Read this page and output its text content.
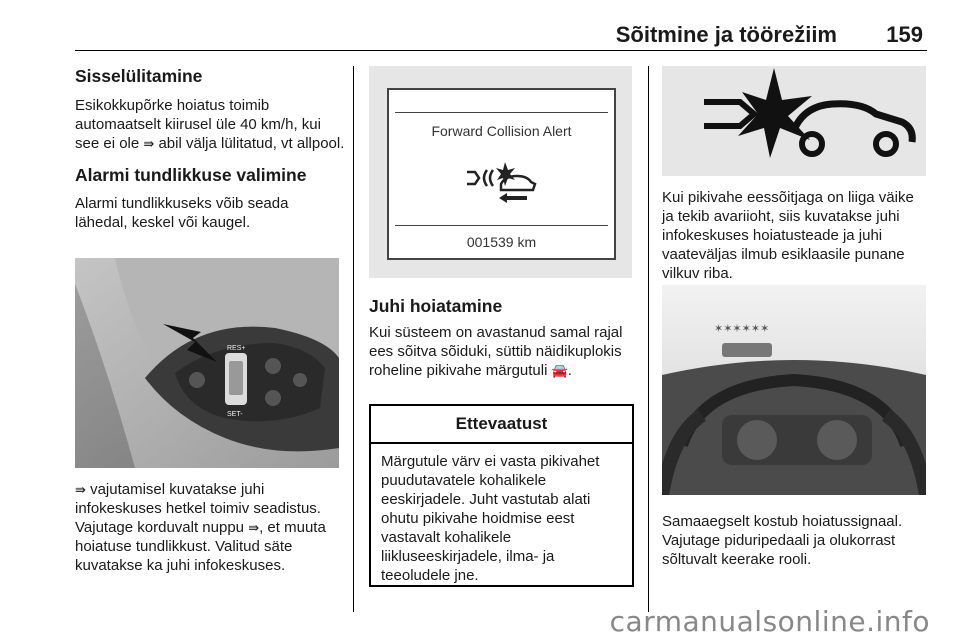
Sõitmine ja töörežiim 159
Sisselülitamine

Esikokkupõrke hoiatus toimib automaatselt kiirusel üle 40 km/h, kui see ei ole ⇛ abil välja lülitatud, vt allpool.

Alarmi tundlikkuse valimine

Alarmi tundlikkuseks võib seada lähedal, keskel või kaugel.

RES+
SET-

⇛ vajutamisel kuvatakse juhi infokeskuses hetkel toimiv seadistus. Vajutage korduvalt nuppu ⇛, et muuta hoiatuse tundlikkust. Valitud säte kuvatakse ka juhi infokeskuses.

Forward Collision Alert
001539 km
Juhi hoiatamine

Kui süsteem on avastanud samal rajal ees sõitva sõiduki, süttib näidikuplokis roheline pikivahe märgutuli 🚘.

Ettevaatust
Märgutule värv ei vasta pikivahet puudutavatele kohalikele eeskirjadele. Juht vastutab alati ohutu pikivahe hoidmise eest vastavalt kohalikele liikluseeskirjadele, ilma- ja teeoludele jne.

Kui pikivahe eessõitjaga on liiga väike ja tekib avariioht, siis kuvatakse juhi infokeskuses hoiatusteade ja juhi vaateväljas ilmub esiklaasile punane vilkuv riba.

✶✶✶✶✶✶

Samaaegselt kostub hoiatussignaal. Vajutage piduripedaali ja olukorrast sõltuvalt keerake rooli.

carmanualsonline.info
